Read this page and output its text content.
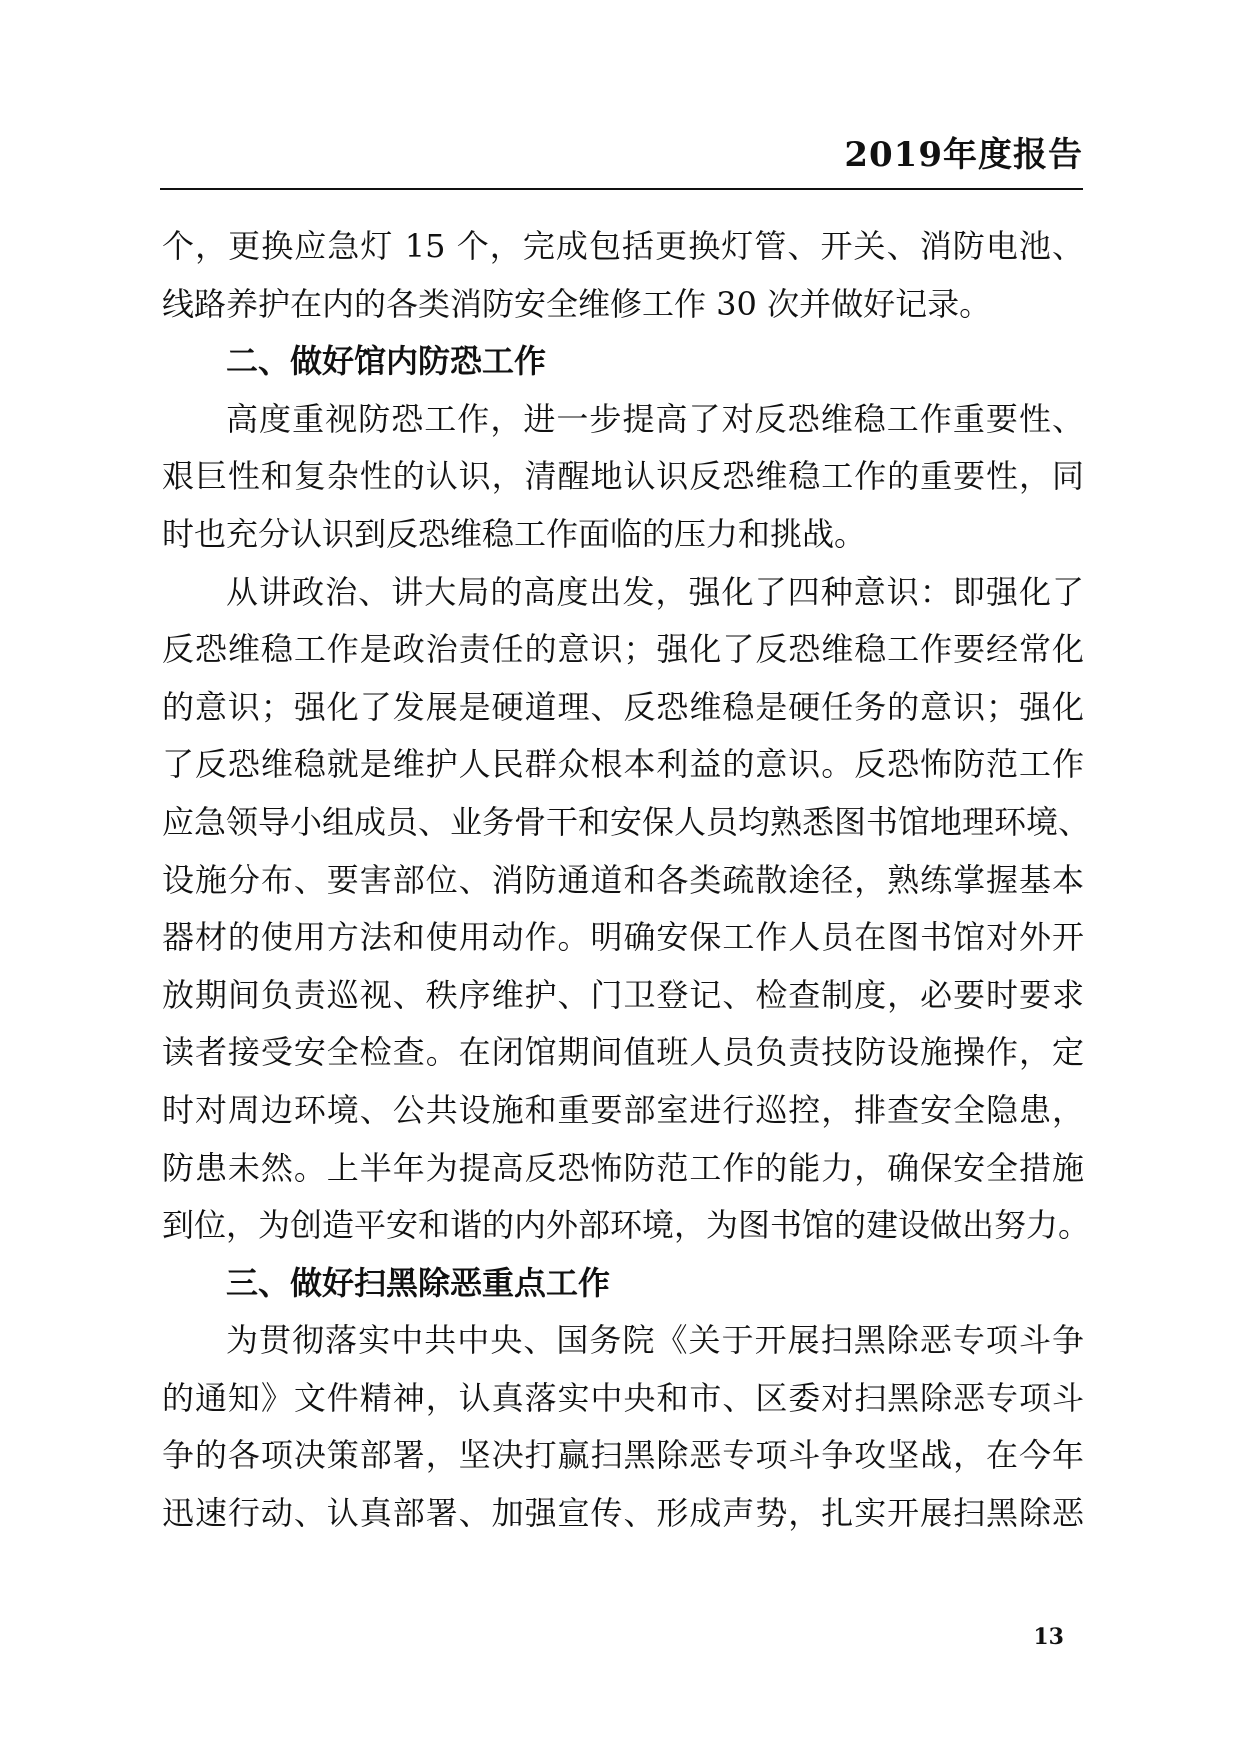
2019年度报告
个，更换应急灯 15 个，完成包括更换灯管、开关、消防电池、
线路养护在内的各类消防安全维修工作 30 次并做好记录。
二、做好馆内防恐工作
高度重视防恐工作，进一步提高了对反恐维稳工作重要性、
艰巨性和复杂性的认识，清醒地认识反恐维稳工作的重要性，同
时也充分认识到反恐维稳工作面临的压力和挑战。
从讲政治、讲大局的高度出发，强化了四种意识：即强化了
反恐维稳工作是政治责任的意识；强化了反恐维稳工作要经常化
的意识；强化了发展是硬道理、反恐维稳是硬任务的意识；强化
了反恐维稳就是维护人民群众根本利益的意识。反恐怖防范工作
应急领导小组成员、业务骨干和安保人员均熟悉图书馆地理环境、
设施分布、要害部位、消防通道和各类疏散途径，熟练掌握基本
器材的使用方法和使用动作。明确安保工作人员在图书馆对外开
放期间负责巡视、秩序维护、门卫登记、检查制度，必要时要求
读者接受安全检查。在闭馆期间值班人员负责技防设施操作，定
时对周边环境、公共设施和重要部室进行巡控，排查安全隐患，
防患未然。上半年为提高反恐怖防范工作的能力，确保安全措施
到位，为创造平安和谐的内外部环境，为图书馆的建设做出努力。
三、做好扫黑除恶重点工作
为贯彻落实中共中央、国务院《关于开展扫黑除恶专项斗争
的通知》文件精神，认真落实中央和市、区委对扫黑除恶专项斗
争的各项决策部署，坚决打赢扫黑除恶专项斗争攻坚战，在今年
迅速行动、认真部署、加强宣传、形成声势，扎实开展扫黑除恶
13
